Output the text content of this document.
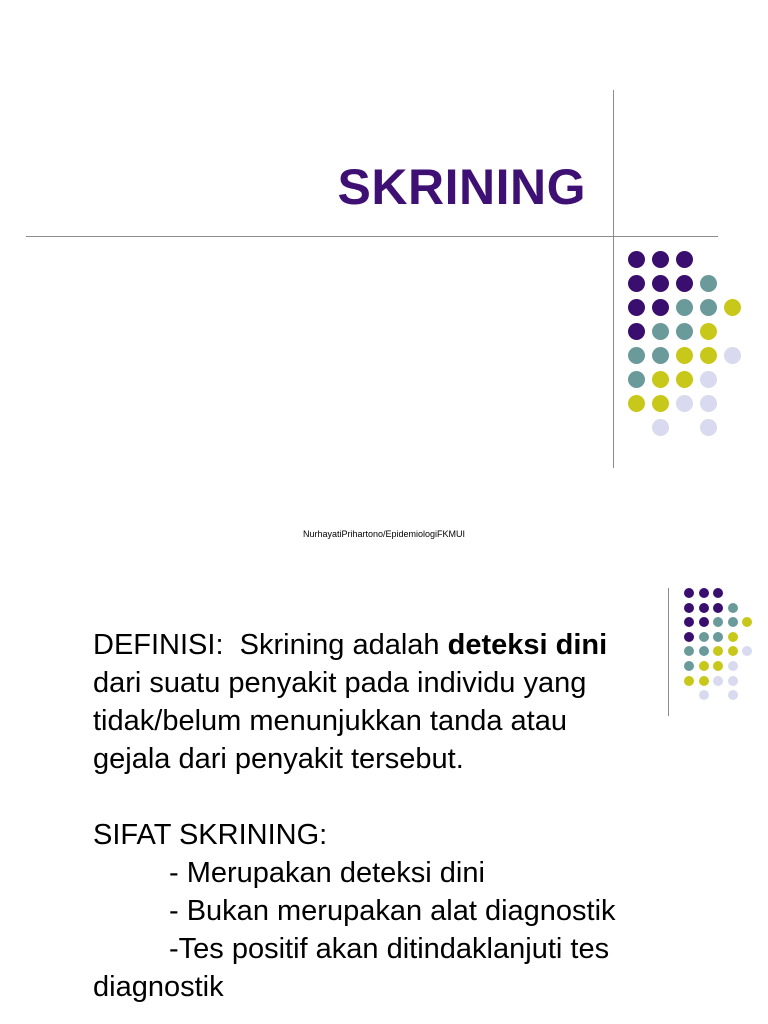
SKRINING
NurhayatiPrihartono/EpidemiologiFKMUI

DEFINISI:  Skrining adalah deteksi dini

dari suatu penyakit pada individu yang

tidak/belum menunjukkan tanda atau

gejala dari penyakit tersebut.

SIFAT SKRINING:

- Merupakan deteksi dini

- Bukan merupakan alat diagnostik

-Tes positif akan ditindaklanjuti tes

diagnostik
